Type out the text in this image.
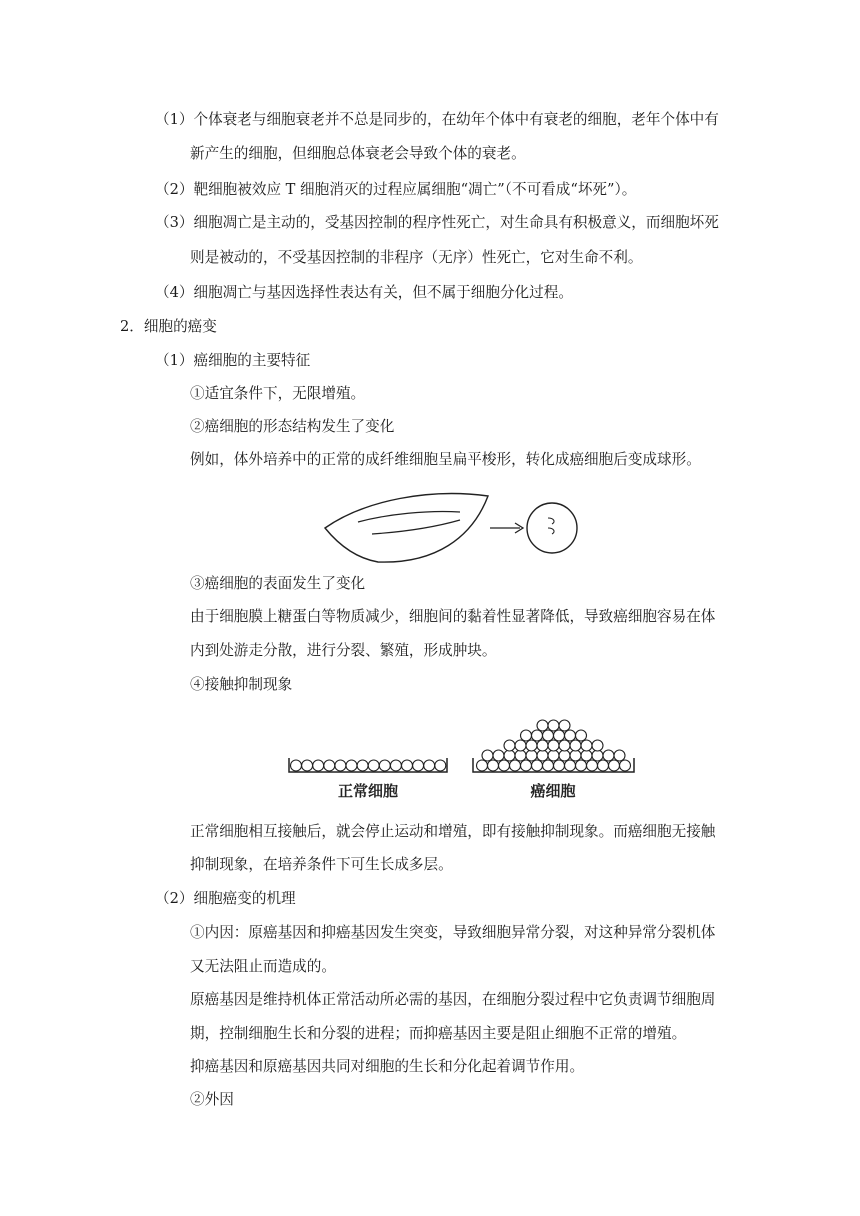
（1）个体衰老与细胞衰老并不总是同步的，在幼年个体中有衰老的细胞，老年个体中有
新产生的细胞，但细胞总体衰老会导致个体的衰老。
（2）靶细胞被效应 T 细胞消灭的过程应属细胞“凋亡”（不可看成“坏死”）。
（3）细胞凋亡是主动的，受基因控制的程序性死亡，对生命具有积极意义，而细胞坏死
则是被动的，不受基因控制的非程序（无序）性死亡，它对生命不利。
（4）细胞凋亡与基因选择性表达有关，但不属于细胞分化过程。
2．细胞的癌变
（1）癌细胞的主要特征
①适宜条件下，无限增殖。
②癌细胞的形态结构发生了变化
例如，体外培养中的正常的成纤维细胞呈扁平梭形，转化成癌细胞后变成球形。
③癌细胞的表面发生了变化
由于细胞膜上糖蛋白等物质减少，细胞间的黏着性显著降低，导致癌细胞容易在体
内到处游走分散，进行分裂、繁殖，形成肿块。
④接触抑制现象
正常细胞	癌细胞
正常细胞相互接触后，就会停止运动和增殖，即有接触抑制现象。而癌细胞无接触
抑制现象，在培养条件下可生长成多层。
（2）细胞癌变的机理
①内因：原癌基因和抑癌基因发生突变，导致细胞异常分裂，对这种异常分裂机体
又无法阻止而造成的。
原癌基因是维持机体正常活动所必需的基因，在细胞分裂过程中它负责调节细胞周
期，控制细胞生长和分裂的进程；而抑癌基因主要是阻止细胞不正常的增殖。
抑癌基因和原癌基因共同对细胞的生长和分化起着调节作用。
②外因
